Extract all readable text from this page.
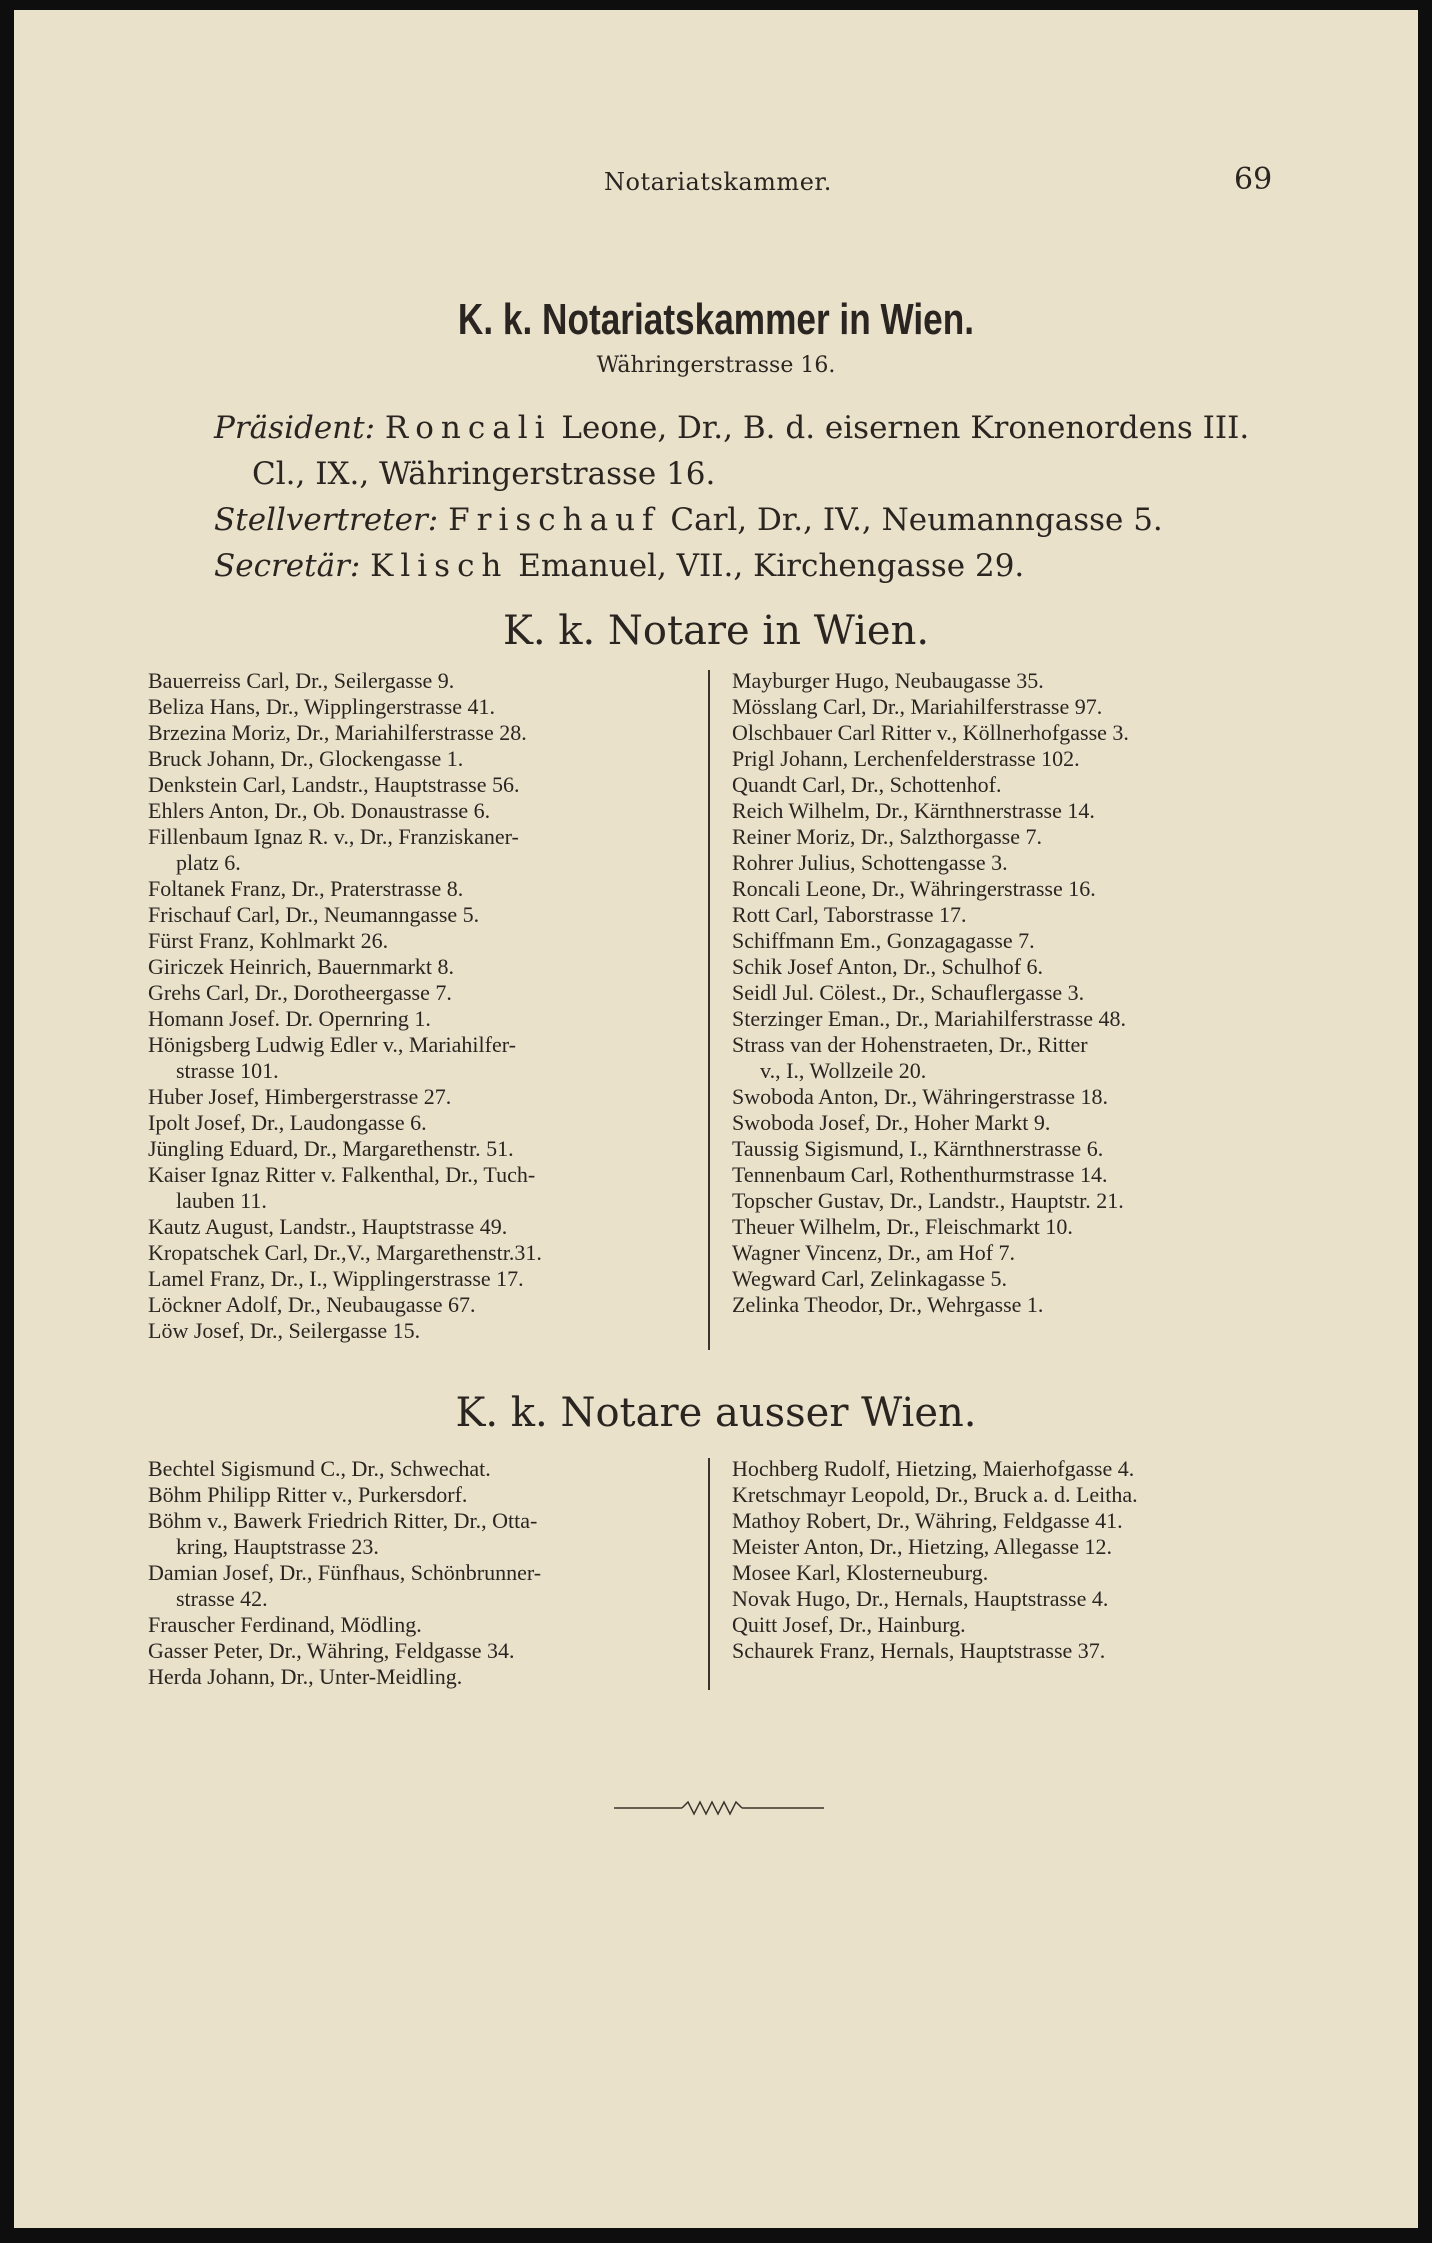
Notariatskammer.	69
K. k. Notariatskammer in Wien.
Währingerstrasse 16.
Präsident: Roncali Leone, Dr., B. d. eisernen Kronenordens III.
Cl., IX., Währingerstrasse 16.
Stellvertreter: Frischauf Carl, Dr., IV., Neumanngasse 5.
Secretär: Klisch Emanuel, VII., Kirchengasse 29.
K. k. Notare in Wien.
Bauerreiss Carl, Dr., Seilergasse 9.
Beliza Hans, Dr., Wipplingerstrasse 41.
Brzezina Moriz, Dr., Mariahilferstrasse 28.
Bruck Johann, Dr., Glockengasse 1.
Denkstein Carl, Landstr., Hauptstrasse 56.
Ehlers Anton, Dr., Ob. Donaustrasse 6.
Fillenbaum Ignaz R. v., Dr., Franziskaner-
platz 6.
Foltanek Franz, Dr., Praterstrasse 8.
Frischauf Carl, Dr., Neumanngasse 5.
Fürst Franz, Kohlmarkt 26.
Giriczek Heinrich, Bauernmarkt 8.
Grehs Carl, Dr., Dorotheergasse 7.
Homann Josef. Dr. Opernring 1.
Hönigsberg Ludwig Edler v., Mariahilfer-
strasse 101.
Huber Josef, Himbergerstrasse 27.
Ipolt Josef, Dr., Laudongasse 6.
Jüngling Eduard, Dr., Margarethenstr. 51.
Kaiser Ignaz Ritter v. Falkenthal, Dr., Tuch-
lauben 11.
Kautz August, Landstr., Hauptstrasse 49.
Kropatschek Carl, Dr.,V., Margarethenstr.31.
Lamel Franz, Dr., I., Wipplingerstrasse 17.
Löckner Adolf, Dr., Neubaugasse 67.
Löw Josef, Dr., Seilergasse 15.
Mayburger Hugo, Neubaugasse 35.
Mösslang Carl, Dr., Mariahilferstrasse 97.
Olschbauer Carl Ritter v., Köllnerhofgasse 3.
Prigl Johann, Lerchenfelderstrasse 102.
Quandt Carl, Dr., Schottenhof.
Reich Wilhelm, Dr., Kärnthnerstrasse 14.
Reiner Moriz, Dr., Salzthorgasse 7.
Rohrer Julius, Schottengasse 3.
Roncali Leone, Dr., Währingerstrasse 16.
Rott Carl, Taborstrasse 17.
Schiffmann Em., Gonzagagasse 7.
Schik Josef Anton, Dr., Schulhof 6.
Seidl Jul. Cölest., Dr., Schauflergasse 3.
Sterzinger Eman., Dr., Mariahilferstrasse 48.
Strass van der Hohenstraeten, Dr., Ritter
v., I., Wollzeile 20.
Swoboda Anton, Dr., Währingerstrasse 18.
Swoboda Josef, Dr., Hoher Markt 9.
Taussig Sigismund, I., Kärnthnerstrasse 6.
Tennenbaum Carl, Rothenthurmstrasse 14.
Topscher Gustav, Dr., Landstr., Hauptstr. 21.
Theuer Wilhelm, Dr., Fleischmarkt 10.
Wagner Vincenz, Dr., am Hof 7.
Wegward Carl, Zelinkagasse 5.
Zelinka Theodor, Dr., Wehrgasse 1.
K. k. Notare ausser Wien.
Bechtel Sigismund C., Dr., Schwechat.
Böhm Philipp Ritter v., Purkersdorf.
Böhm v., Bawerk Friedrich Ritter, Dr., Otta-
kring, Hauptstrasse 23.
Damian Josef, Dr., Fünfhaus, Schönbrunner-
strasse 42.
Frauscher Ferdinand, Mödling.
Gasser Peter, Dr., Währing, Feldgasse 34.
Herda Johann, Dr., Unter-Meidling.
Hochberg Rudolf, Hietzing, Maierhofgasse 4.
Kretschmayr Leopold, Dr., Bruck a. d. Leitha.
Mathoy Robert, Dr., Währing, Feldgasse 41.
Meister Anton, Dr., Hietzing, Allegasse 12.
Mosee Karl, Klosterneuburg.
Novak Hugo, Dr., Hernals, Hauptstrasse 4.
Quitt Josef, Dr., Hainburg.
Schaurek Franz, Hernals, Hauptstrasse 37.
